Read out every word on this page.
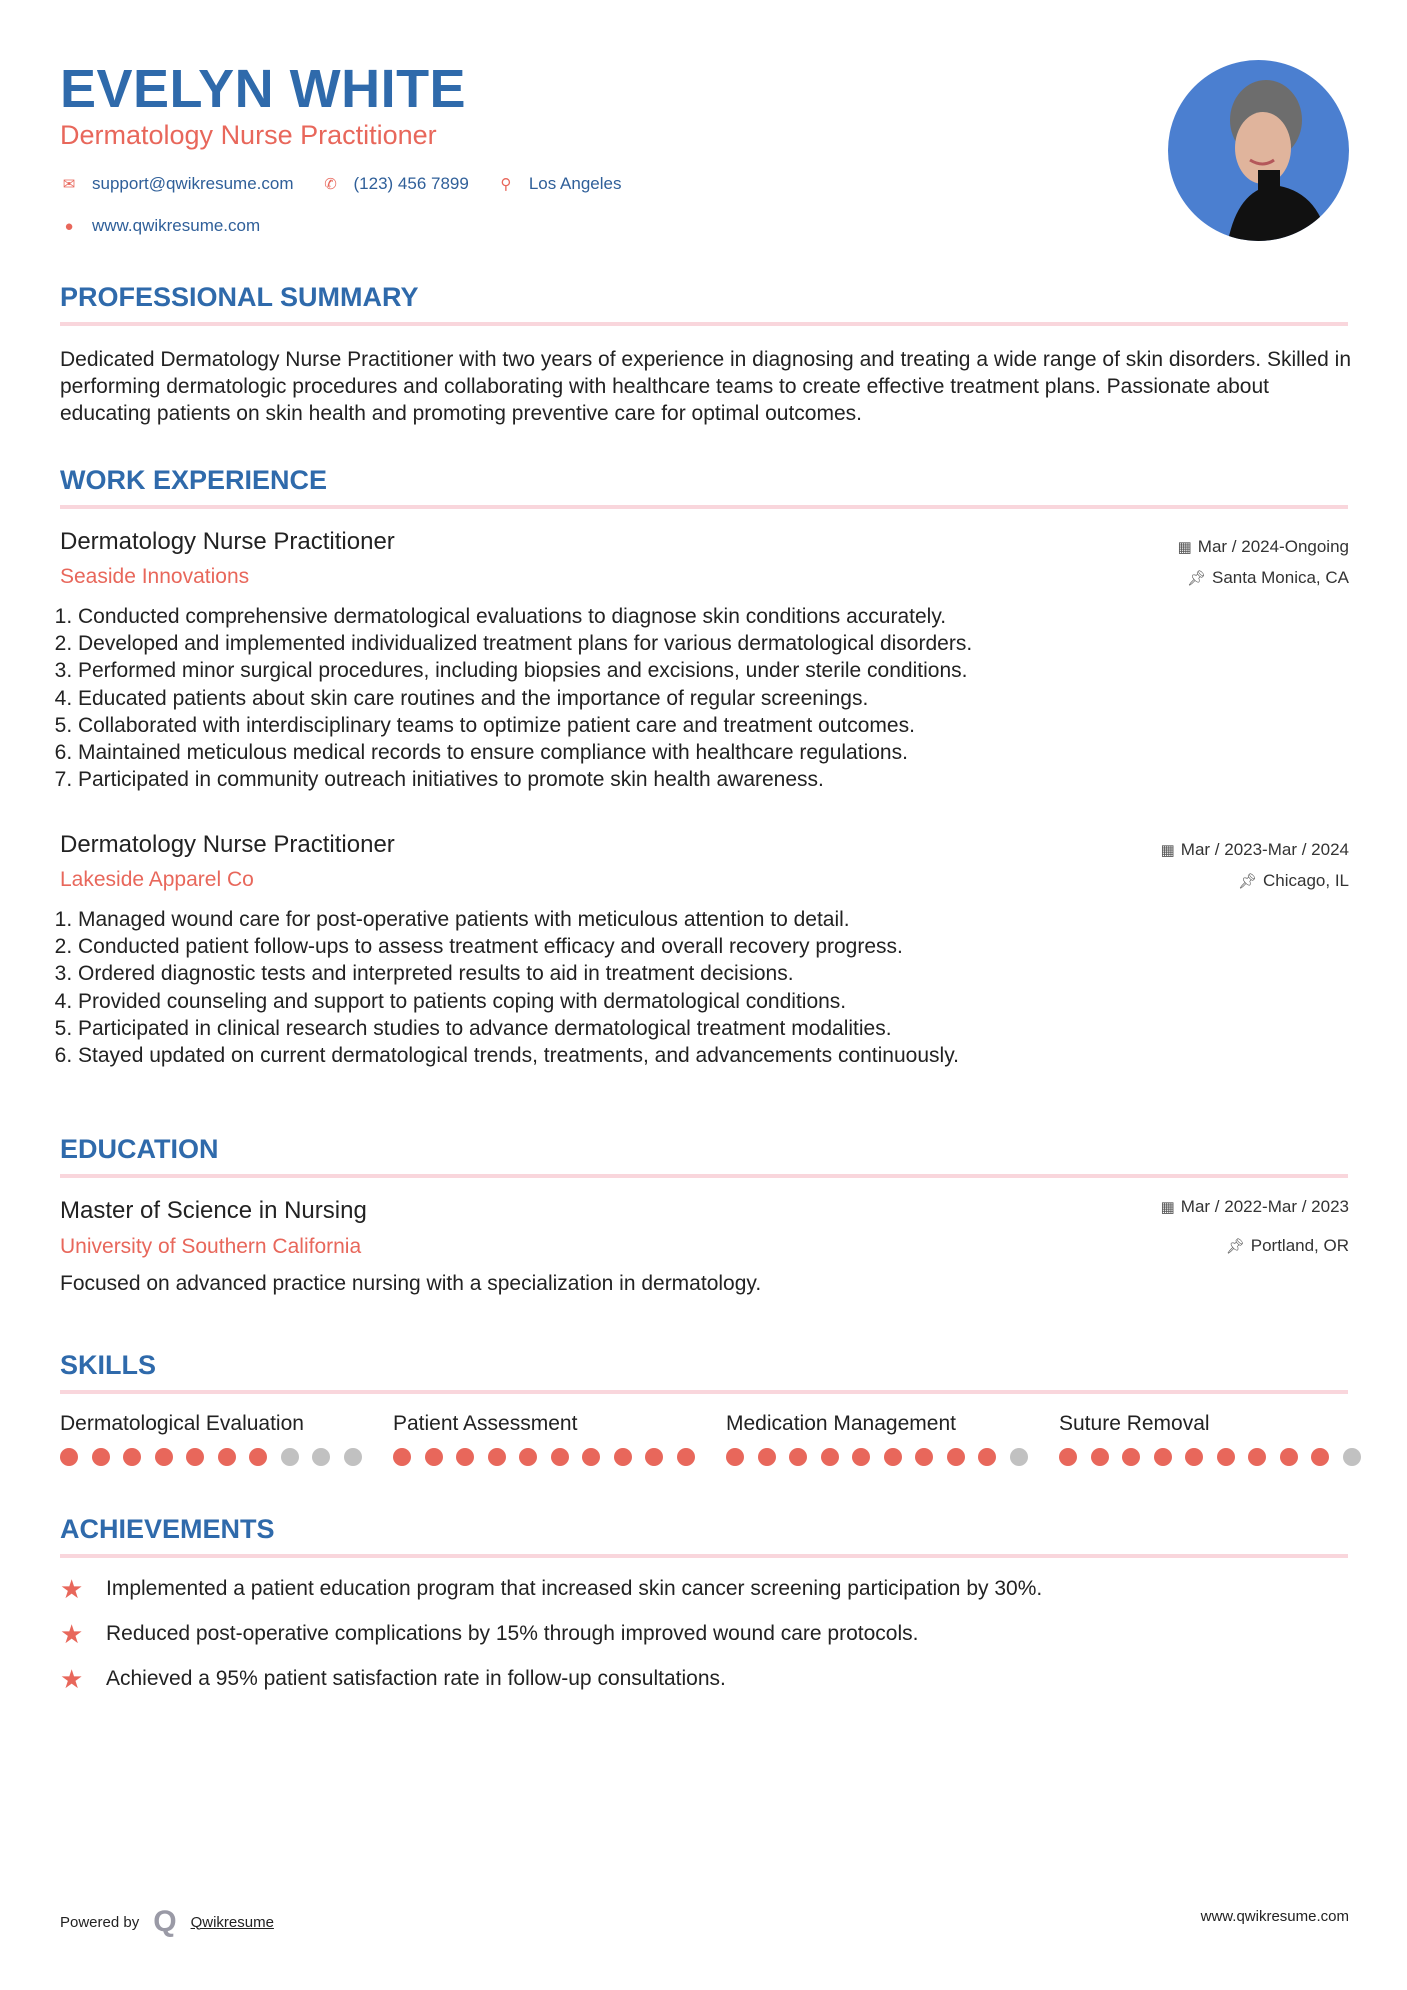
EVELYN WHITE
Dermatology Nurse Practitioner
✉ support@qwikresume.com ✆ (123) 456 7899 ⚲ Los Angeles
● www.qwikresume.com
PROFESSIONAL SUMMARY
Dedicated Dermatology Nurse Practitioner with two years of experience in diagnosing and treating a wide range of skin disorders. Skilled in performing dermatologic procedures and collaborating with healthcare teams to create effective treatment plans. Passionate about educating patients on skin health and promoting preventive care for optimal outcomes.
WORK EXPERIENCE
Dermatology Nurse Practitioner
Seaside Innovations
▦ Mar / 2024-Ongoing
📌︎ Santa Monica, CA
1. Conducted comprehensive dermatological evaluations to diagnose skin conditions accurately.
2. Developed and implemented individualized treatment plans for various dermatological disorders.
3. Performed minor surgical procedures, including biopsies and excisions, under sterile conditions.
4. Educated patients about skin care routines and the importance of regular screenings.
5. Collaborated with interdisciplinary teams to optimize patient care and treatment outcomes.
6. Maintained meticulous medical records to ensure compliance with healthcare regulations.
7. Participated in community outreach initiatives to promote skin health awareness.
Dermatology Nurse Practitioner
Lakeside Apparel Co
▦ Mar / 2023-Mar / 2024
📌︎ Chicago, IL
1. Managed wound care for post-operative patients with meticulous attention to detail.
2. Conducted patient follow-ups to assess treatment efficacy and overall recovery progress.
3. Ordered diagnostic tests and interpreted results to aid in treatment decisions.
4. Provided counseling and support to patients coping with dermatological conditions.
5. Participated in clinical research studies to advance dermatological treatment modalities.
6. Stayed updated on current dermatological trends, treatments, and advancements continuously.
EDUCATION
Master of Science in Nursing
University of Southern California
▦ Mar / 2022-Mar / 2023
📌︎ Portland, OR
Focused on advanced practice nursing with a specialization in dermatology.
SKILLS
Dermatological Evaluation	Patient Assessment	Medication Management	Suture Removal
ACHIEVEMENTS
★	Implemented a patient education program that increased skin cancer screening participation by 30%.
★	Reduced post-operative complications by 15% through improved wound care protocols.
★	Achieved a 95% patient satisfaction rate in follow-up consultations.
Powered by Q Qwikresume	www.qwikresume.com
